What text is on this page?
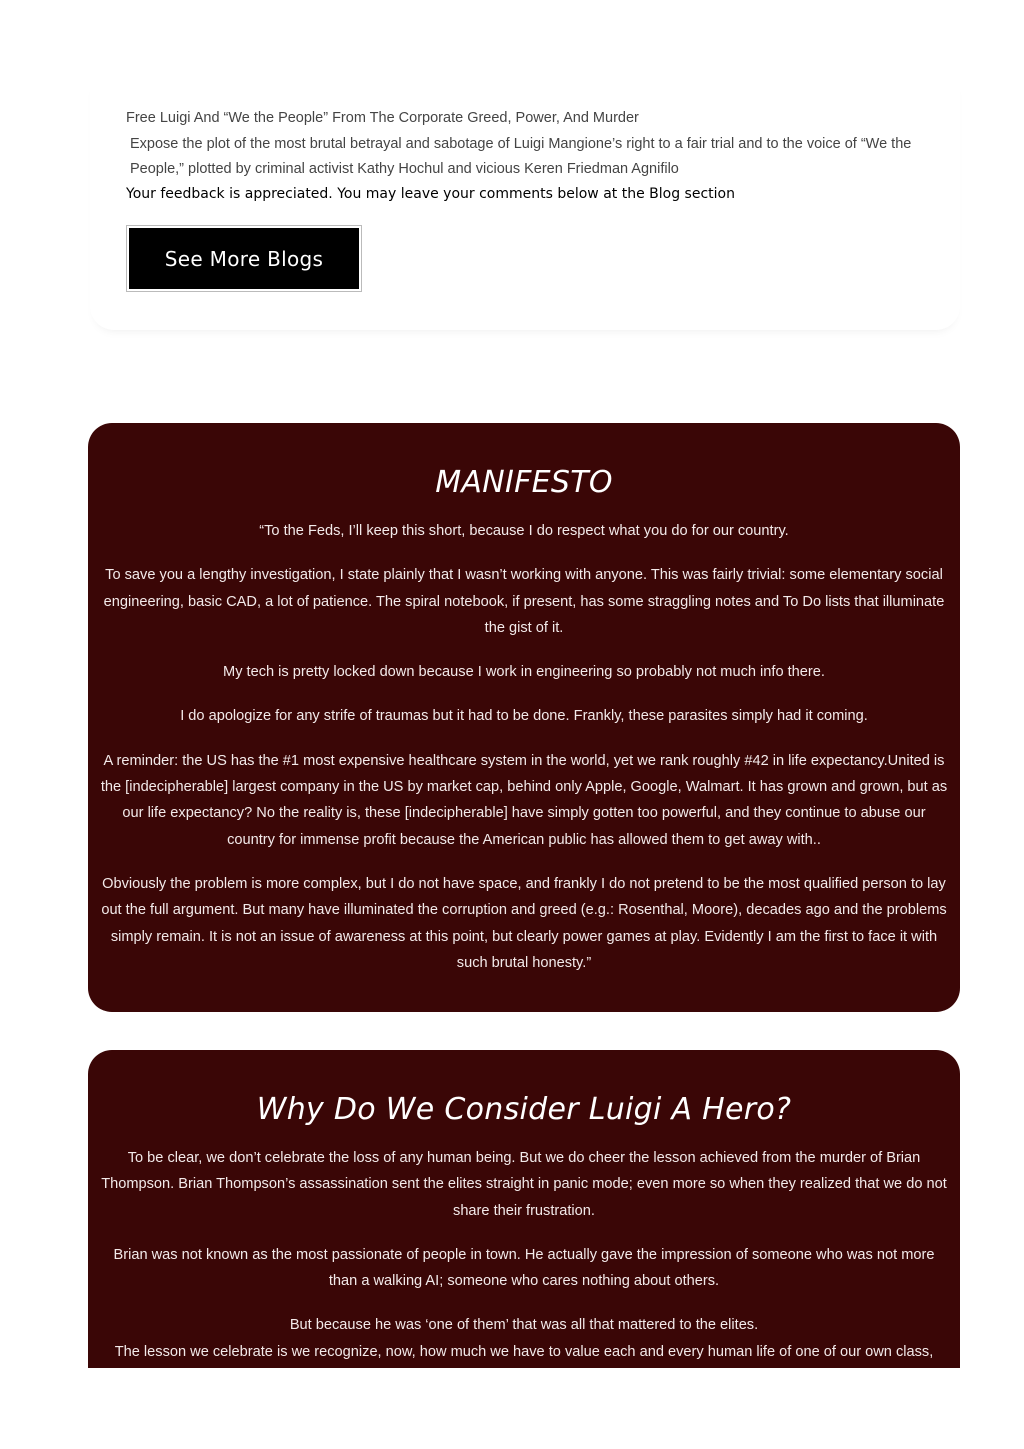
Free Luigi And “We the People” From The Corporate Greed, Power, And Murder
Expose the plot of the most brutal betrayal and sabotage of Luigi Mangione’s right to a fair trial and to the voice of “We the People,” plotted by criminal activist Kathy Hochul and vicious Keren Friedman Agnifilo
Your feedback is appreciated. You may leave your comments below at the Blog section
See More Blogs
MANIFESTO

“To the Feds, I’ll keep this short, because I do respect what you do for our country.

To save you a lengthy investigation, I state plainly that I wasn’t working with anyone. This was fairly trivial: some elementary social engineering, basic CAD, a lot of patience. The spiral notebook, if present, has some straggling notes and To Do lists that illuminate the gist of it.

My tech is pretty locked down because I work in engineering so probably not much info there.

I do apologize for any strife of traumas but it had to be done. Frankly, these parasites simply had it coming.

A reminder: the US has the #1 most expensive healthcare system in the world, yet we rank roughly #42 in life expectancy.United is the [indecipherable] largest company in the US by market cap, behind only Apple, Google, Walmart. It has grown and grown, but as our life expectancy? No the reality is, these [indecipherable] have simply gotten too powerful, and they continue to abuse our country for immense profit because the American public has allowed them to get away with..

Obviously the problem is more complex, but I do not have space, and frankly I do not pretend to be the most qualified person to lay out the full argument. But many have illuminated the corruption and greed (e.g.: Rosenthal, Moore), decades ago and the problems simply remain. It is not an issue of awareness at this point, but clearly power games at play. Evidently I am the first to face it with such brutal honesty.”

Why Do We Consider Luigi A Hero?

To be clear, we don’t celebrate the loss of any human being. But we do cheer the lesson achieved from the murder of Brian Thompson. Brian Thompson’s assassination sent the elites straight in panic mode; even more so when they realized that we do not share their frustration.

Brian was not known as the most passionate of people in town. He actually gave the impression of someone who was not more than a walking AI; someone who cares nothing about others.

But because he was ‘one of them’ that was all that mattered to the elites.
The lesson we celebrate is we recognize, now, how much we have to value each and every human life of one of our own class,
